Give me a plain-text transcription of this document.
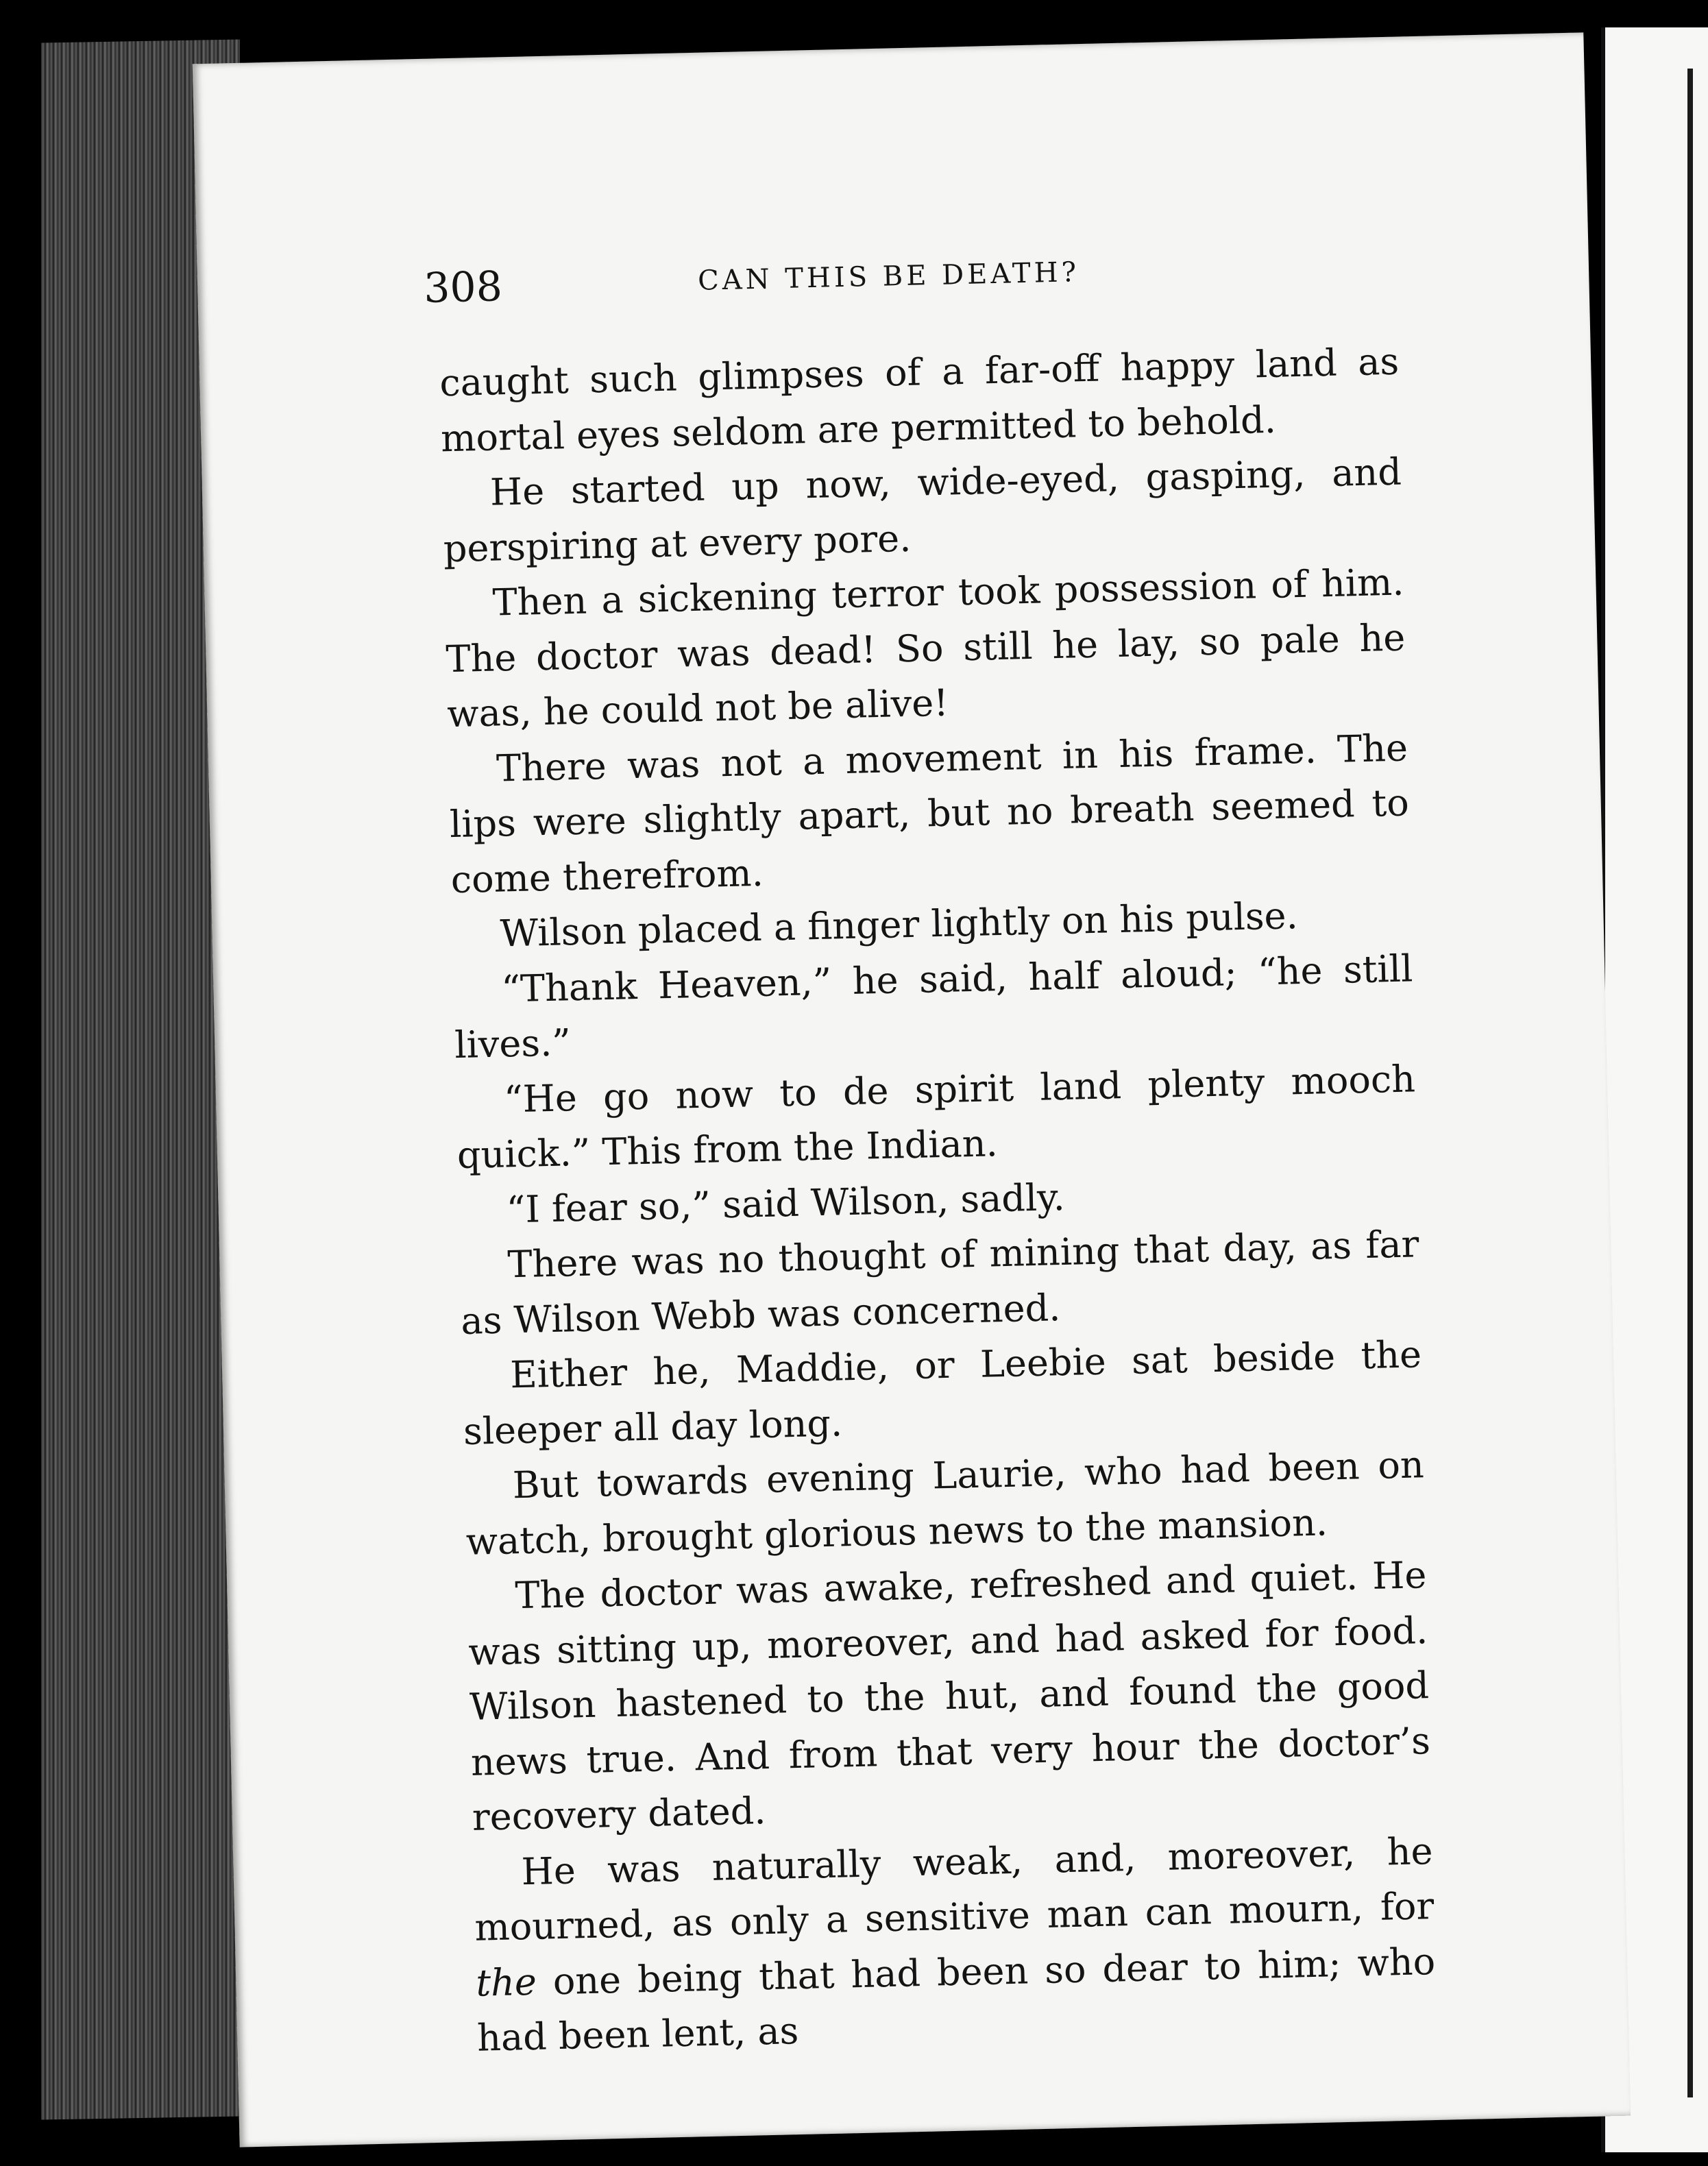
308	CAN THIS BE DEATH?

caught such glimpses of a far-off happy land as mortal eyes seldom are permitted to behold.

He started up now, wide-eyed, gasping, and perspiring at every pore.

Then a sickening terror took possession of him. The doctor was dead! So still he lay, so pale he was, he could not be alive!

There was not a movement in his frame. The lips were slightly apart, but no breath seemed to come therefrom.

Wilson placed a finger lightly on his pulse.

“Thank Heaven,” he said, half aloud; “he still lives.”

“He go now to de spirit land plenty mooch quick.” This from the Indian.

“I fear so,” said Wilson, sadly.

There was no thought of mining that day, as far as Wilson Webb was concerned.

Either he, Maddie, or Leebie sat beside the sleeper all day long.

But towards evening Laurie, who had been on watch, brought glorious news to the mansion.

The doctor was awake, refreshed and quiet. He was sitting up, moreover, and had asked for food. Wilson hastened to the hut, and found the good news true. And from that very hour the doctor’s recovery dated.

He was naturally weak, and, moreover, he mourned, as only a sensitive man can mourn, for the one being that had been so dear to him; who had been lent, as
